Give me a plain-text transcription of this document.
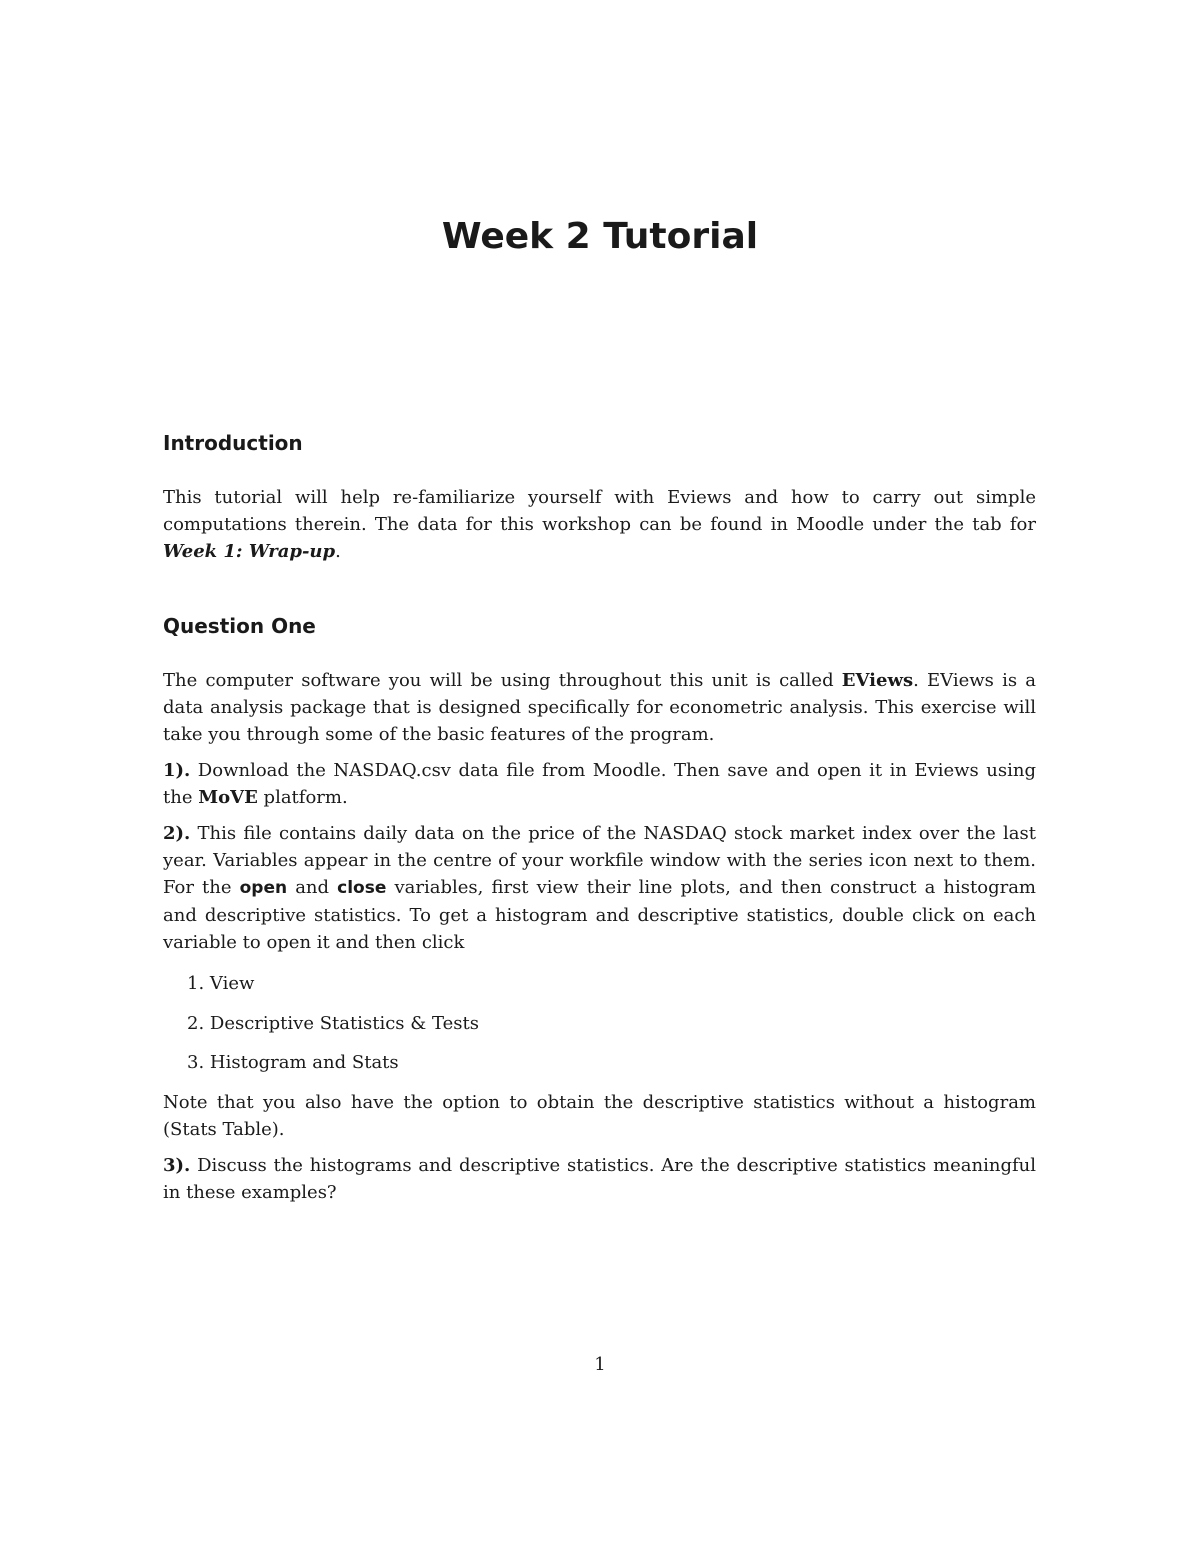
Week 2 Tutorial
Introduction

This tutorial will help re-familiarize yourself with Eviews and how to carry out simple computations therein. The data for this workshop can be found in Moodle under the tab for Week 1: Wrap-up.

Question One

The computer software you will be using throughout this unit is called EViews. EViews is a data analysis package that is designed specifically for econometric analysis. This exercise will take you through some of the basic features of the program.

1). Download the NASDAQ.csv data file from Moodle. Then save and open it in Eviews using the MoVE platform.

2). This file contains daily data on the price of the NASDAQ stock market index over the last year. Variables appear in the centre of your workfile window with the series icon next to them. For the open and close variables, first view their line plots, and then construct a histogram and descriptive statistics. To get a histogram and descriptive statistics, double click on each variable to open it and then click

1. View
2. Descriptive Statistics & Tests
3. Histogram and Stats

Note that you also have the option to obtain the descriptive statistics without a histogram (Stats Table).

3). Discuss the histograms and descriptive statistics. Are the descriptive statistics meaningful in these examples?

1
